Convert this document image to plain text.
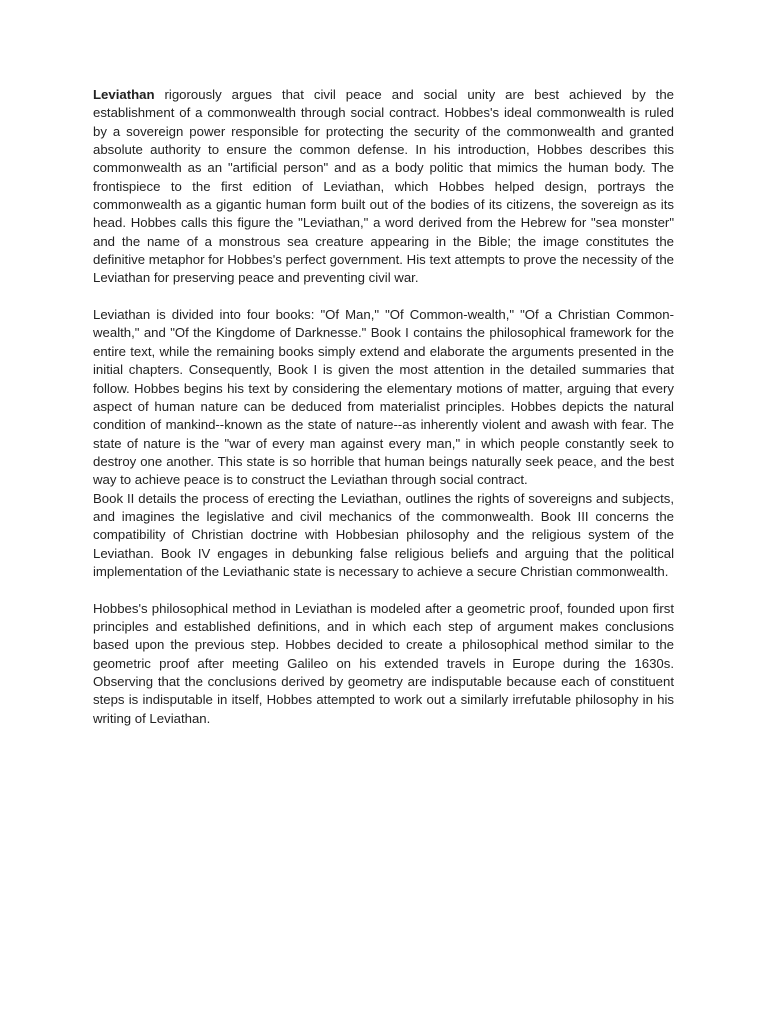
Leviathan rigorously argues that civil peace and social unity are best achieved by the establishment of a commonwealth through social contract. Hobbes's ideal commonwealth is ruled by a sovereign power responsible for protecting the security of the commonwealth and granted absolute authority to ensure the common defense. In his introduction, Hobbes describes this commonwealth as an "artificial person" and as a body politic that mimics the human body. The frontispiece to the first edition of Leviathan, which Hobbes helped design, portrays the commonwealth as a gigantic human form built out of the bodies of its citizens, the sovereign as its head. Hobbes calls this figure the "Leviathan," a word derived from the Hebrew for "sea monster" and the name of a monstrous sea creature appearing in the Bible; the image constitutes the definitive metaphor for Hobbes's perfect government. His text attempts to prove the necessity of the Leviathan for preserving peace and preventing civil war.

Leviathan is divided into four books: "Of Man," "Of Common-wealth," "Of a Christian Common-wealth," and "Of the Kingdome of Darknesse." Book I contains the philosophical framework for the entire text, while the remaining books simply extend and elaborate the arguments presented in the initial chapters. Consequently, Book I is given the most attention in the detailed summaries that follow. Hobbes begins his text by considering the elementary motions of matter, arguing that every aspect of human nature can be deduced from materialist principles. Hobbes depicts the natural condition of mankind--known as the state of nature--as inherently violent and awash with fear. The state of nature is the "war of every man against every man," in which people constantly seek to destroy one another. This state is so horrible that human beings naturally seek peace, and the best way to achieve peace is to construct the Leviathan through social contract.

Book II details the process of erecting the Leviathan, outlines the rights of sovereigns and subjects, and imagines the legislative and civil mechanics of the commonwealth. Book III concerns the compatibility of Christian doctrine with Hobbesian philosophy and the religious system of the Leviathan. Book IV engages in debunking false religious beliefs and arguing that the political implementation of the Leviathanic state is necessary to achieve a secure Christian commonwealth.

Hobbes's philosophical method in Leviathan is modeled after a geometric proof, founded upon first principles and established definitions, and in which each step of argument makes conclusions based upon the previous step. Hobbes decided to create a philosophical method similar to the geometric proof after meeting Galileo on his extended travels in Europe during the 1630s. Observing that the conclusions derived by geometry are indisputable because each of constituent steps is indisputable in itself, Hobbes attempted to work out a similarly irrefutable philosophy in his writing of Leviathan.
